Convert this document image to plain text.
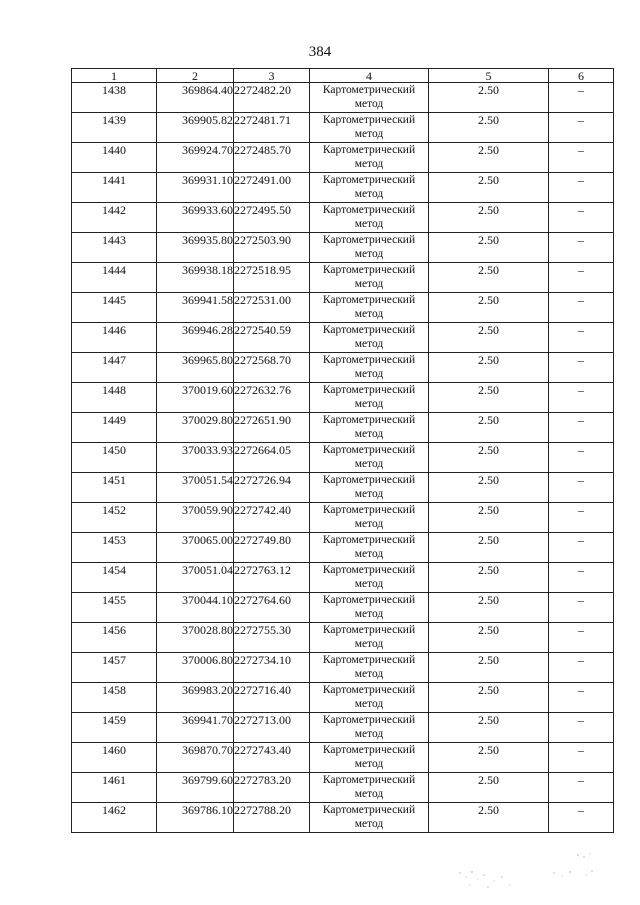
384
1	2	3	4	5	6
1438	369864.40	2272482.20	Картометрический метод	2.50	–
1439	369905.82	2272481.71	Картометрический метод	2.50	–
1440	369924.70	2272485.70	Картометрический метод	2.50	–
1441	369931.10	2272491.00	Картометрический метод	2.50	–
1442	369933.60	2272495.50	Картометрический метод	2.50	–
1443	369935.80	2272503.90	Картометрический метод	2.50	–
1444	369938.18	2272518.95	Картометрический метод	2.50	–
1445	369941.58	2272531.00	Картометрический метод	2.50	–
1446	369946.28	2272540.59	Картометрический метод	2.50	–
1447	369965.80	2272568.70	Картометрический метод	2.50	–
1448	370019.60	2272632.76	Картометрический метод	2.50	–
1449	370029.80	2272651.90	Картометрический метод	2.50	–
1450	370033.93	2272664.05	Картометрический метод	2.50	–
1451	370051.54	2272726.94	Картометрический метод	2.50	–
1452	370059.90	2272742.40	Картометрический метод	2.50	–
1453	370065.00	2272749.80	Картометрический метод	2.50	–
1454	370051.04	2272763.12	Картометрический метод	2.50	–
1455	370044.10	2272764.60	Картометрический метод	2.50	–
1456	370028.80	2272755.30	Картометрический метод	2.50	–
1457	370006.80	2272734.10	Картометрический метод	2.50	–
1458	369983.20	2272716.40	Картометрический метод	2.50	–
1459	369941.70	2272713.00	Картометрический метод	2.50	–
1460	369870.70	2272743.40	Картометрический метод	2.50	–
1461	369799.60	2272783.20	Картометрический метод	2.50	–
1462	369786.10	2272788.20	Картометрический метод	2.50	–
